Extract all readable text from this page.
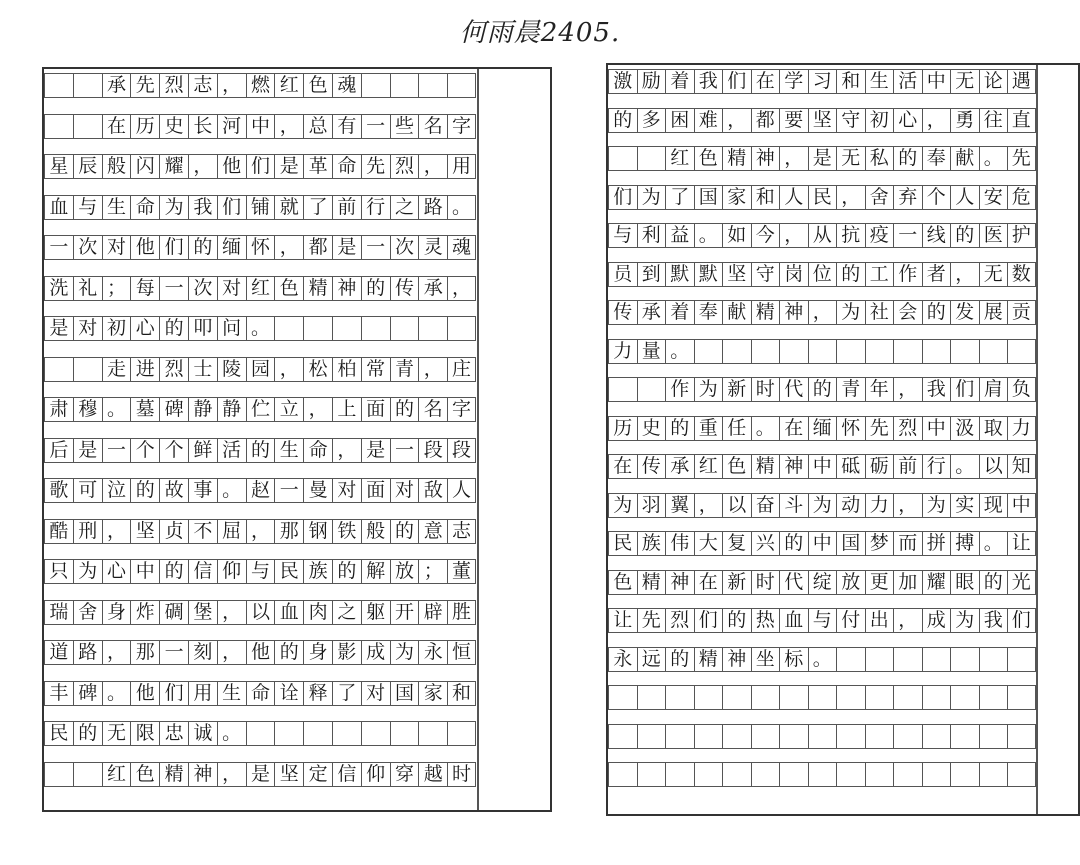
何雨晨2405.
承 先 烈 志 ， 燃 红 色 魂
在 历 史 长 河 中 ， 总 有 一 些 名 字
星 辰 般 闪 耀 ， 他 们 是 革 命 先 烈 ， 用
血 与 生 命 为 我 们 铺 就 了 前 行 之 路 。
一 次 对 他 们 的 缅 怀 ， 都 是 一 次 灵 魂
洗 礼 ； 每 一 次 对 红 色 精 神 的 传 承 ，
是 对 初 心 的 叩 问 。
走 进 烈 士 陵 园 ， 松 柏 常 青 ， 庄
肃 穆 。 墓 碑 静 静 伫 立 ， 上 面 的 名 字
后 是 一 个 个 鲜 活 的 生 命 ， 是 一 段 段
歌 可 泣 的 故 事 。 赵 一 曼 对 面 对 敌 人
酷 刑 ， 坚 贞 不 屈 ， 那 钢 铁 般 的 意 志
只 为 心 中 的 信 仰 与 民 族 的 解 放 ； 董
瑞 舍 身 炸 碉 堡 ， 以 血 肉 之 躯 开 辟 胜
道 路 ， 那 一 刻 ， 他 的 身 影 成 为 永 恒
丰 碑 。 他 们 用 生 命 诠 释 了 对 国 家 和
民 的 无 限 忠 诚 。
红 色 精 神 ， 是 坚 定 信 仰 穿 越 时
激 励 着 我 们 在 学 习 和 生 活 中 无 论 遇
的 多 困 难 ， 都 要 坚 守 初 心 ， 勇 往 直
红 色 精 神 ， 是 无 私 的 奉 献 。 先
们 为 了 国 家 和 人 民 ， 舍 弃 个 人 安 危
与 利 益 。 如 今 ， 从 抗 疫 一 线 的 医 护
员 到 默 默 坚 守 岗 位 的 工 作 者 ， 无 数
传 承 着 奉 献 精 神 ， 为 社 会 的 发 展 贡
力 量 。
作 为 新 时 代 的 青 年 ， 我 们 肩 负
历 史 的 重 任 。 在 缅 怀 先 烈 中 汲 取 力
在 传 承 红 色 精 神 中 砥 砺 前 行 。 以 知
为 羽 翼 ， 以 奋 斗 为 动 力 ， 为 实 现 中
民 族 伟 大 复 兴 的 中 国 梦 而 拼 搏 。 让
色 精 神 在 新 时 代 绽 放 更 加 耀 眼 的 光
让 先 烈 们 的 热 血 与 付 出 ， 成 为 我 们
永 远 的 精 神 坐 标 。
